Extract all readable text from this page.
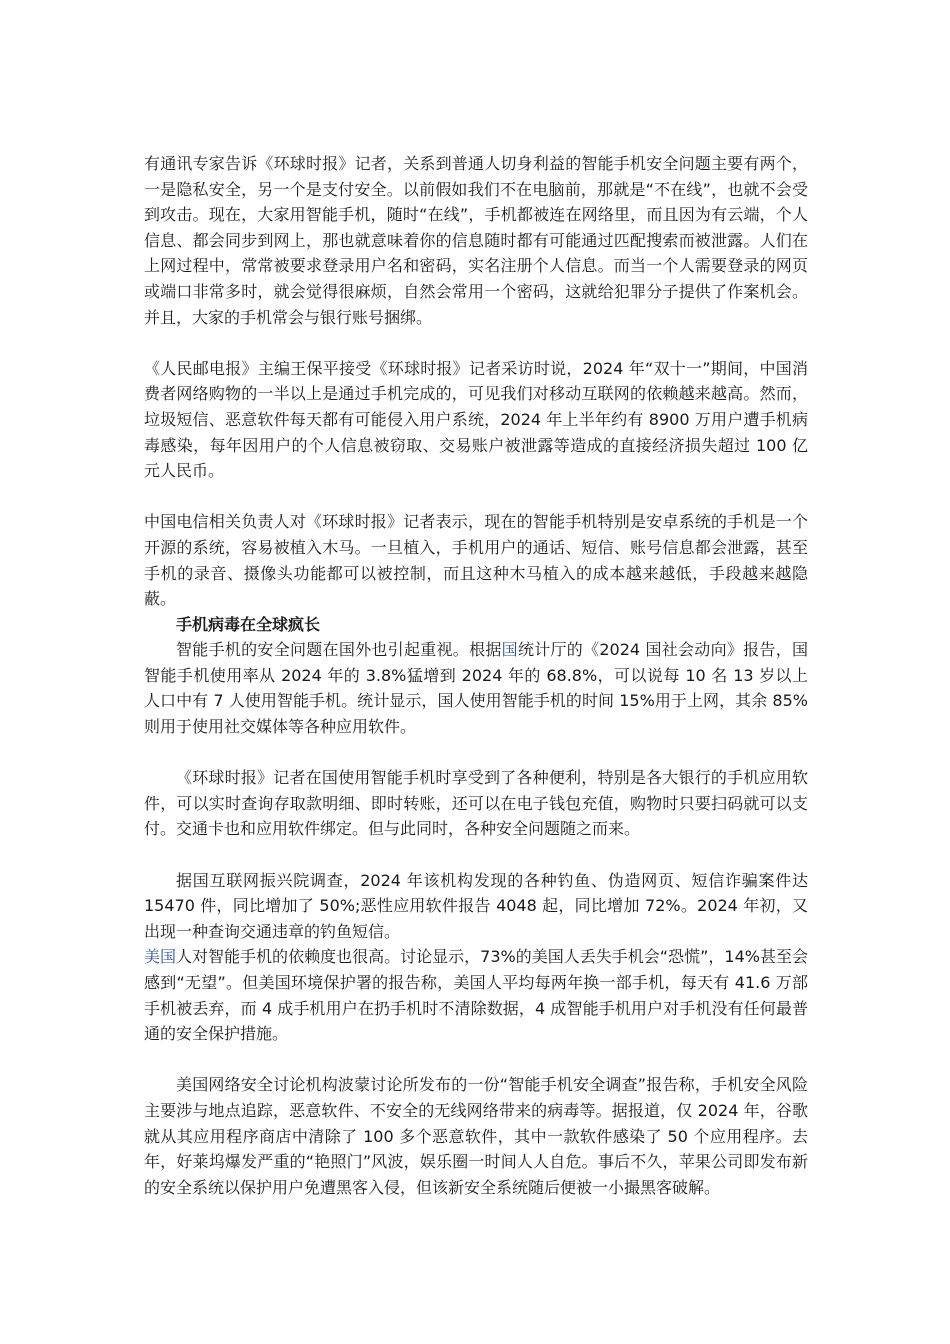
有通讯专家告诉《环球时报》记者，关系到普通人切身利益的智能手机安全问题主要有两个，一是隐私安全，另一个是支付安全。以前假如我们不在电脑前，那就是“不在线”，也就不会受到攻击。现在，大家用智能手机，随时“在线”，手机都被连在网络里，而且因为有云端，个人信息、都会同步到网上，那也就意味着你的信息随时都有可能通过匹配搜索而被泄露。人们在上网过程中，常常被要求登录用户名和密码，实名注册个人信息。而当一个人需要登录的网页或端口非常多时，就会觉得很麻烦，自然会常用一个密码，这就给犯罪分子提供了作案机会。并且，大家的手机常会与银行账号捆绑。

《人民邮电报》主编王保平接受《环球时报》记者采访时说，2024 年“双十一”期间，中国消费者网络购物的一半以上是通过手机完成的，可见我们对移动互联网的依赖越来越高。然而，垃圾短信、恶意软件每天都有可能侵入用户系统，2024 年上半年约有 8900 万用户遭手机病毒感染，每年因用户的个人信息被窃取、交易账户被泄露等造成的直接经济损失超过 100 亿元人民币。

中国电信相关负责人对《环球时报》记者表示，现在的智能手机特别是安卓系统的手机是一个开源的系统，容易被植入木马。一旦植入，手机用户的通话、短信、账号信息都会泄露，甚至手机的录音、摄像头功能都可以被控制，而且这种木马植入的成本越来越低，手段越来越隐蔽。

手机病毒在全球疯长

智能手机的安全问题在国外也引起重视。根据国统计厅的《2024 国社会动向》报告，国智能手机使用率从 2024 年的 3.8%猛增到 2024 年的 68.8%，可以说每 10 名 13 岁以上人口中有 7 人使用智能手机。统计显示，国人使用智能手机的时间 15%用于上网，其余 85%则用于使用社交媒体等各种应用软件。

《环球时报》记者在国使用智能手机时享受到了各种便利，特别是各大银行的手机应用软件，可以实时查询存取款明细、即时转账，还可以在电子钱包充值，购物时只要扫码就可以支付。交通卡也和应用软件绑定。但与此同时，各种安全问题随之而来。

据国互联网振兴院调查，2024 年该机构发现的各种钓鱼、伪造网页、短信诈骗案件达 15470 件，同比增加了 50%;恶性应用软件报告 4048 起，同比增加 72%。2024 年初，又出现一种查询交通违章的钓鱼短信。

美国人对智能手机的依赖度也很高。讨论显示，73%的美国人丢失手机会“恐慌”，14%甚至会感到“无望”。但美国环境保护署的报告称，美国人平均每两年换一部手机，每天有 41.6 万部手机被丢弃，而 4 成手机用户在扔手机时不清除数据，4 成智能手机用户对手机没有任何最普通的安全保护措施。

美国网络安全讨论机构波蒙讨论所发布的一份“智能手机安全调查”报告称，手机安全风险主要涉与地点追踪，恶意软件、不安全的无线网络带来的病毒等。据报道，仅 2024 年，谷歌就从其应用程序商店中清除了 100 多个恶意软件，其中一款软件感染了 50 个应用程序。去年，好莱坞爆发严重的“艳照门”风波，娱乐圈一时间人人自危。事后不久，苹果公司即发布新的安全系统以保护用户免遭黑客入侵，但该新安全系统随后便被一小撮黑客破解。
